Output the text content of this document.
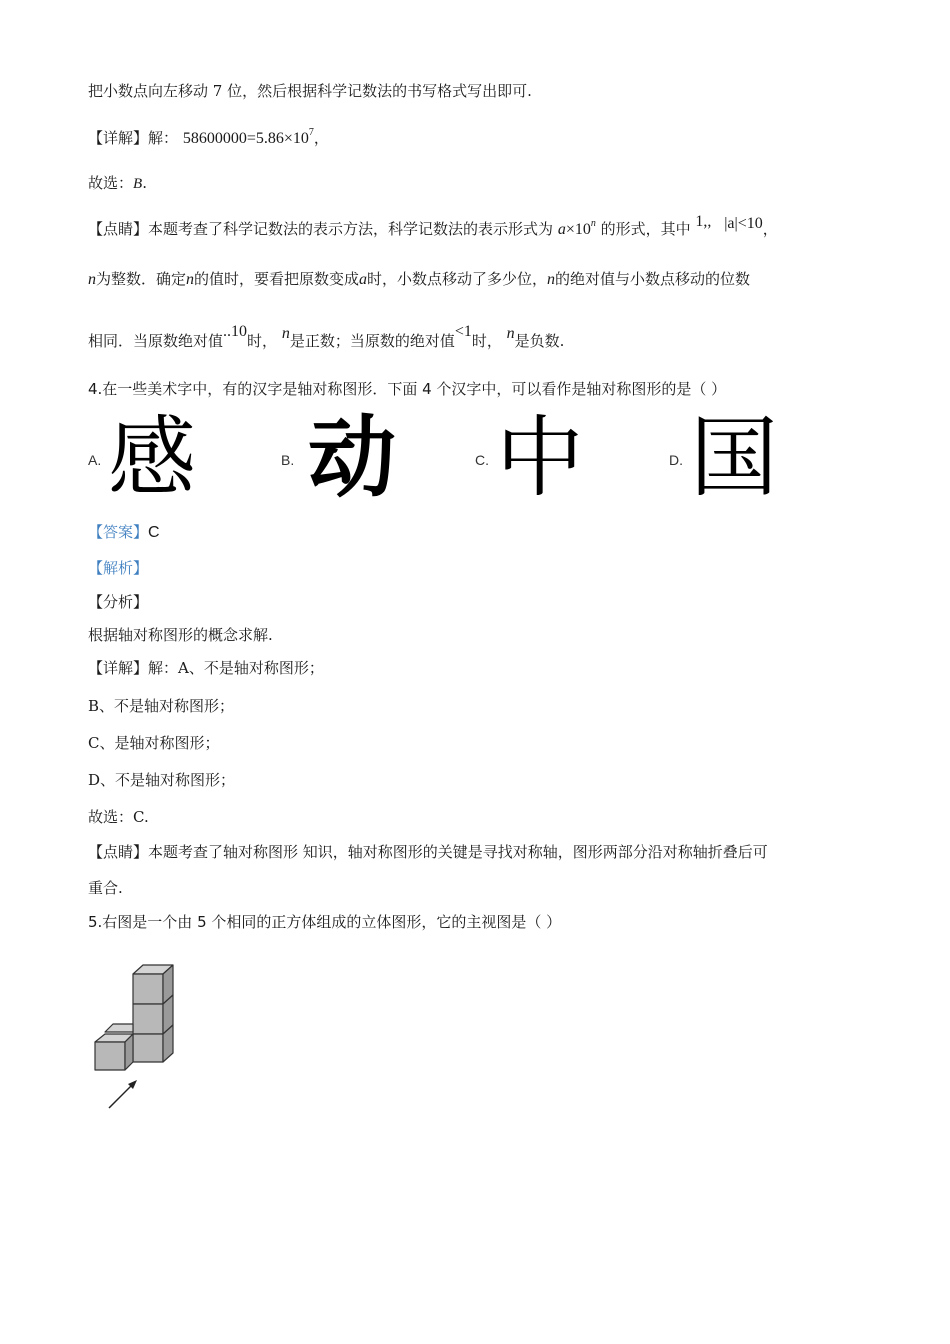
把小数点向左移动 7 位，然后根据科学记数法的书写格式写出即可.
【详解】解： $58600000=5.86\times 10^7$，
故选：B.
【点睛】本题考查了科学记数法的表示方法，科学记数法的表示形式为 $a\times 10^n$ 的形式，其中 1,, |a|<10，
n为整数．确定n的值时，要看把原数变成a时，小数点移动了多少位，n的绝对值与小数点移动的位数
相同．当原数绝对值..10时， n是正数；当原数的绝对值<1时， n是负数.
4.在一些美术字中，有的汉字是轴对称图形．下面 4 个汉字中，可以看作是轴对称图形的是（ ）
A. 感	B. 动	C. 中	D. 国
【答案】C
【解析】
【分析】
根据轴对称图形的概念求解.
【详解】解：A、不是轴对称图形；
B、不是轴对称图形；
C、是轴对称图形；
D、不是轴对称图形；
故选：C.
【点睛】本题考查了轴对称图形 知识，轴对称图形的关键是寻找对称轴，图形两部分沿对称轴折叠后可
重合.
5.右图是一个由 5 个相同的正方体组成的立体图形，它的主视图是（ ）
